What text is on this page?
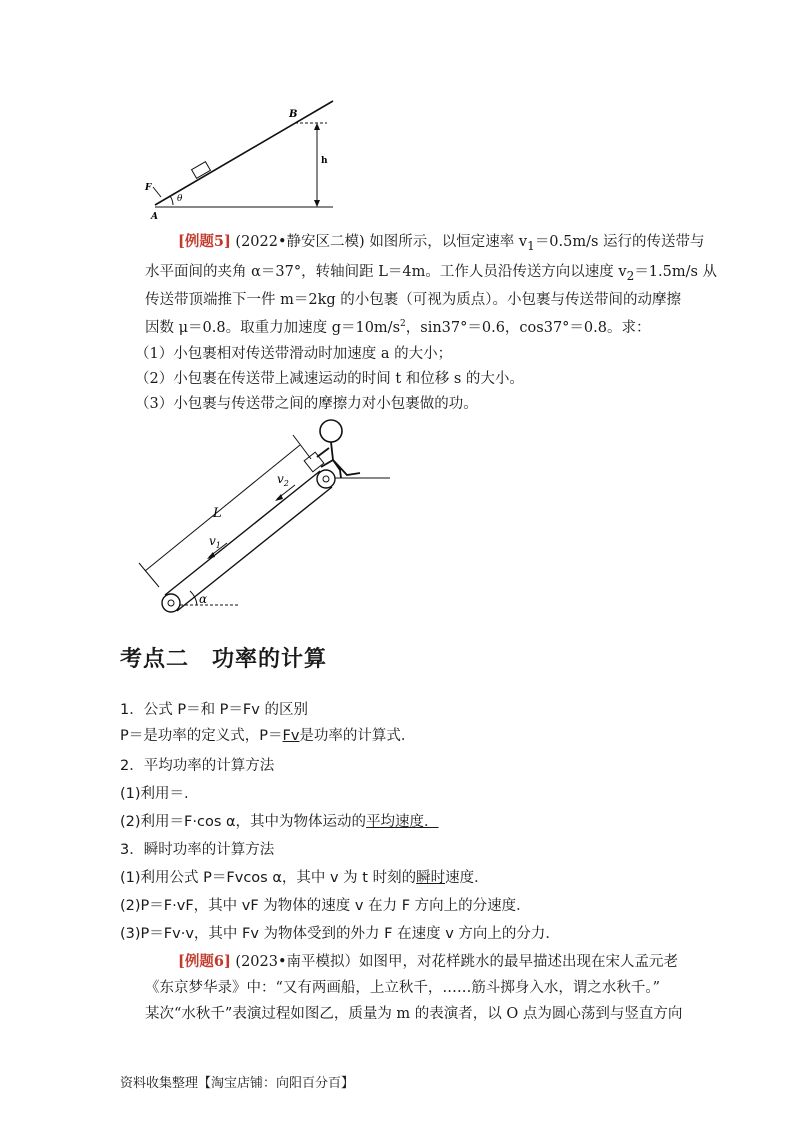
B
h
F
A
θ
[例题5] (2022•静安区二模) 如图所示，以恒定速率 $v_1=0.5m/s$ 运行的传送带与
水平面间的夹角 α＝37°，转轴间距 L＝4m。工作人员沿传送方向以速度 $v_2=1.5m/s$ 从
传送带顶端推下一件 m＝2kg 的小包裹（可视为质点）。小包裹与传送带间的动摩擦
因数 μ＝0.8。取重力加速度 $g=10m/s^2$，sin37°＝0.6，cos37°＝0.8。求：
（1）小包裹相对传送带滑动时加速度 a 的大小；
（2）小包裹在传送带上减速运动的时间 t 和位移 s 的大小。
（3）小包裹与传送带之间的摩擦力对小包裹做的功。
L
$v_2$
$v_1$
α
考点二　功率的计算
1．公式 P＝和 P＝Fv 的区别
P＝是功率的定义式，P＝Fv是功率的计算式．
2．平均功率的计算方法
(1)利用＝.
(2)利用＝F·cos α，其中为物体运动的平均速度．
3．瞬时功率的计算方法
(1)利用公式 P＝Fvcos α，其中 v 为 t 时刻的瞬时速度．
(2)P＝F·vF，其中 vF 为物体的速度 v 在力 F 方向上的分速度．
(3)P＝Fv·v，其中 Fv 为物体受到的外力 F 在速度 v 方向上的分力．
[例题6] (2023•南平模拟）如图甲，对花样跳水的最早描述出现在宋人孟元老
《东京梦华录》中：“又有两画船，上立秋千，……筋斗掷身入水，谓之水秋千。”
某次“水秋千”表演过程如图乙，质量为 m 的表演者，以 O 点为圆心荡到与竖直方向
资料收集整理【淘宝店铺：向阳百分百】
